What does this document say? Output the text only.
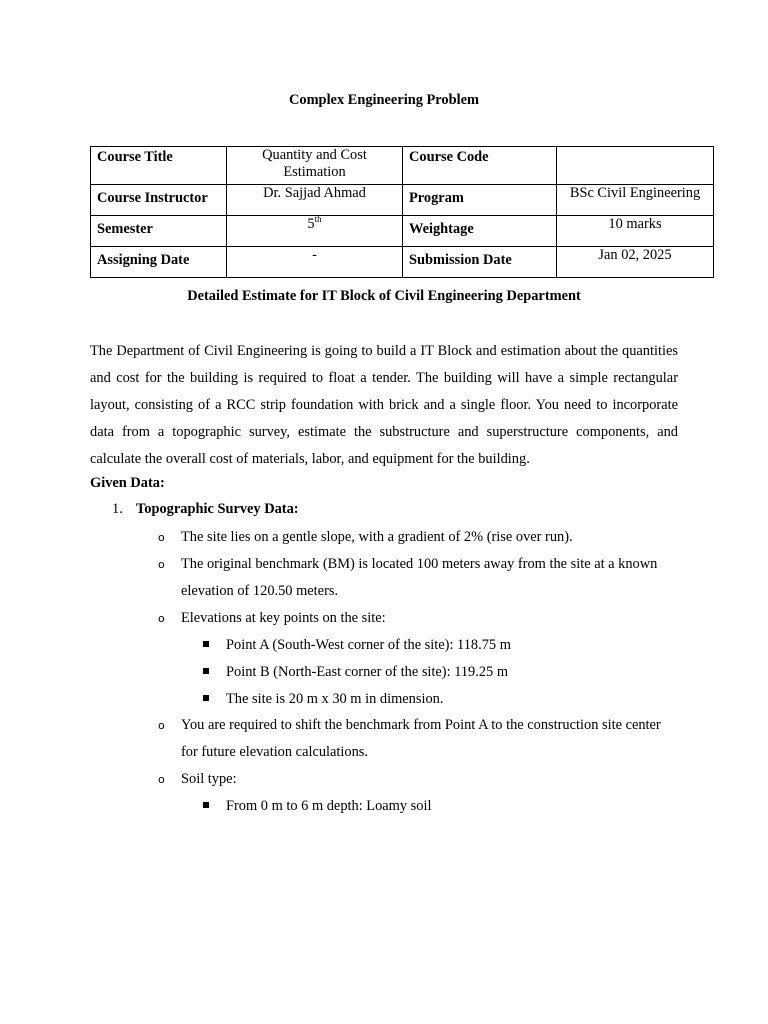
Complex Engineering Problem
Course Title	Quantity and Cost Estimation	Course Code	
Course Instructor	Dr. Sajjad Ahmad	Program	BSc Civil Engineering
Semester	5th	Weightage	10 marks
Assigning Date	-	Submission Date	Jan 02, 2025
Detailed Estimate for IT Block of Civil Engineering Department

The Department of Civil Engineering is going to build a IT Block and estimation about the quantities and cost for the building is required to float a tender. The building will have a simple rectangular layout, consisting of a RCC strip foundation with brick and a single floor. You need to incorporate data from a topographic survey, estimate the substructure and superstructure components, and calculate the overall cost of materials, labor, and equipment for the building.

Given Data:
1. Topographic Survey Data:
o The site lies on a gentle slope, with a gradient of 2% (rise over run).
o The original benchmark (BM) is located 100 meters away from the site at a known elevation of 120.50 meters.
o Elevations at key points on the site:
Point A (South-West corner of the site): 118.75 m
Point B (North-East corner of the site): 119.25 m
The site is 20 m x 30 m in dimension.
o You are required to shift the benchmark from Point A to the construction site center for future elevation calculations.
o Soil type:
From 0 m to 6 m depth: Loamy soil
